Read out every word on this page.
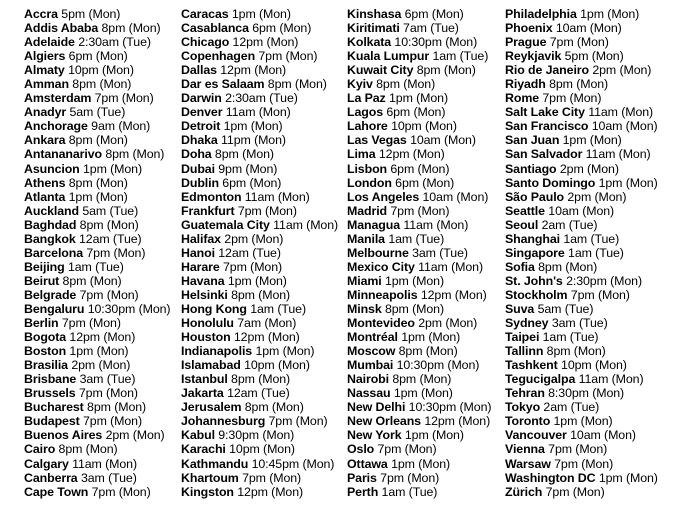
Accra 5pm (Mon)
Addis Ababa 8pm (Mon)
Adelaide 2:30am (Tue)
Algiers 6pm (Mon)
Almaty 10pm (Mon)
Amman 8pm (Mon)
Amsterdam 7pm (Mon)
Anadyr 5am (Tue)
Anchorage 9am (Mon)
Ankara 8pm (Mon)
Antananarivo 8pm (Mon)
Asuncion 1pm (Mon)
Athens 8pm (Mon)
Atlanta 1pm (Mon)
Auckland 5am (Tue)
Baghdad 8pm (Mon)
Bangkok 12am (Tue)
Barcelona 7pm (Mon)
Beijing 1am (Tue)
Beirut 8pm (Mon)
Belgrade 7pm (Mon)
Bengaluru 10:30pm (Mon)
Berlin 7pm (Mon)
Bogota 12pm (Mon)
Boston 1pm (Mon)
Brasilia 2pm (Mon)
Brisbane 3am (Tue)
Brussels 7pm (Mon)
Bucharest 8pm (Mon)
Budapest 7pm (Mon)
Buenos Aires 2pm (Mon)
Cairo 8pm (Mon)
Calgary 11am (Mon)
Canberra 3am (Tue)
Cape Town 7pm (Mon)
Caracas 1pm (Mon)
Casablanca 6pm (Mon)
Chicago 12pm (Mon)
Copenhagen 7pm (Mon)
Dallas 12pm (Mon)
Dar es Salaam 8pm (Mon)
Darwin 2:30am (Tue)
Denver 11am (Mon)
Detroit 1pm (Mon)
Dhaka 11pm (Mon)
Doha 8pm (Mon)
Dubai 9pm (Mon)
Dublin 6pm (Mon)
Edmonton 11am (Mon)
Frankfurt 7pm (Mon)
Guatemala City 11am (Mon)
Halifax 2pm (Mon)
Hanoi 12am (Tue)
Harare 7pm (Mon)
Havana 1pm (Mon)
Helsinki 8pm (Mon)
Hong Kong 1am (Tue)
Honolulu 7am (Mon)
Houston 12pm (Mon)
Indianapolis 1pm (Mon)
Islamabad 10pm (Mon)
Istanbul 8pm (Mon)
Jakarta 12am (Tue)
Jerusalem 8pm (Mon)
Johannesburg 7pm (Mon)
Kabul 9:30pm (Mon)
Karachi 10pm (Mon)
Kathmandu 10:45pm (Mon)
Khartoum 7pm (Mon)
Kingston 12pm (Mon)
Kinshasa 6pm (Mon)
Kiritimati 7am (Tue)
Kolkata 10:30pm (Mon)
Kuala Lumpur 1am (Tue)
Kuwait City 8pm (Mon)
Kyiv 8pm (Mon)
La Paz 1pm (Mon)
Lagos 6pm (Mon)
Lahore 10pm (Mon)
Las Vegas 10am (Mon)
Lima 12pm (Mon)
Lisbon 6pm (Mon)
London 6pm (Mon)
Los Angeles 10am (Mon)
Madrid 7pm (Mon)
Managua 11am (Mon)
Manila 1am (Tue)
Melbourne 3am (Tue)
Mexico City 11am (Mon)
Miami 1pm (Mon)
Minneapolis 12pm (Mon)
Minsk 8pm (Mon)
Montevideo 2pm (Mon)
Montréal 1pm (Mon)
Moscow 8pm (Mon)
Mumbai 10:30pm (Mon)
Nairobi 8pm (Mon)
Nassau 1pm (Mon)
New Delhi 10:30pm (Mon)
New Orleans 12pm (Mon)
New York 1pm (Mon)
Oslo 7pm (Mon)
Ottawa 1pm (Mon)
Paris 7pm (Mon)
Perth 1am (Tue)
Philadelphia 1pm (Mon)
Phoenix 10am (Mon)
Prague 7pm (Mon)
Reykjavik 5pm (Mon)
Rio de Janeiro 2pm (Mon)
Riyadh 8pm (Mon)
Rome 7pm (Mon)
Salt Lake City 11am (Mon)
San Francisco 10am (Mon)
San Juan 1pm (Mon)
San Salvador 11am (Mon)
Santiago 2pm (Mon)
Santo Domingo 1pm (Mon)
São Paulo 2pm (Mon)
Seattle 10am (Mon)
Seoul 2am (Tue)
Shanghai 1am (Tue)
Singapore 1am (Tue)
Sofia 8pm (Mon)
St. John's 2:30pm (Mon)
Stockholm 7pm (Mon)
Suva 5am (Tue)
Sydney 3am (Tue)
Taipei 1am (Tue)
Tallinn 8pm (Mon)
Tashkent 10pm (Mon)
Tegucigalpa 11am (Mon)
Tehran 8:30pm (Mon)
Tokyo 2am (Tue)
Toronto 1pm (Mon)
Vancouver 10am (Mon)
Vienna 7pm (Mon)
Warsaw 7pm (Mon)
Washington DC 1pm (Mon)
Zürich 7pm (Mon)
